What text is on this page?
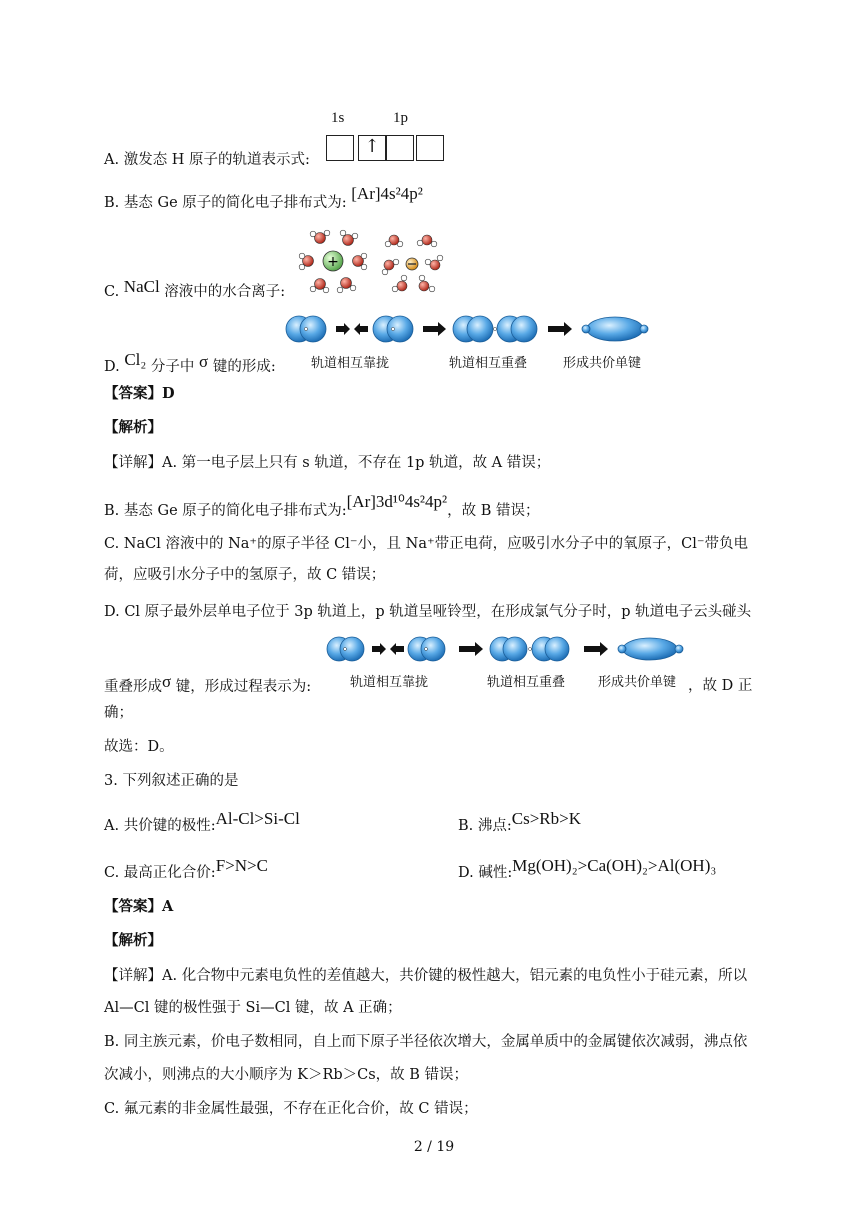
1s	1p
↑
A. 激发态 H 原子的轨道表示式:
B. 基态 Ge 原子的简化电子排布式为: [Ar]4s²4p²
+
C. NaCl 溶液中的水合离子:
轨道相互靠拢	轨道相互重叠	形成共价单键
D. Cl₂ 分子中 σ 键的形成:
【答案】D
【解析】
【详解】A. 第一电子层上只有 s 轨道，不存在 1p 轨道，故 A 错误；
B. 基态 Ge 原子的简化电子排布式为:[Ar]3d¹⁰4s²4p²，故 B 错误；
C. NaCl 溶液中的 Na⁺的原子半径 Cl⁻小，且 Na⁺带正电荷，应吸引水分子中的氧原子，Cl⁻带负电
荷，应吸引水分子中的氢原子，故 C 错误；
D. Cl 原子最外层单电子位于 3p 轨道上，p 轨道呈哑铃型，在形成氯气分子时，p 轨道电子云头碰头
轨道相互靠拢	轨道相互重叠	形成共价单键
重叠形成σ 键，形成过程表示为:	，故 D 正
确；
故选：D。
3. 下列叙述正确的是
A. 共价键的极性:Al-Cl>Si-Cl	B. 沸点:Cs>Rb>K
C. 最高正化合价:F>N>C	D. 碱性:Mg(OH)₂>Ca(OH)₂>Al(OH)₃
【答案】A
【解析】
【详解】A. 化合物中元素电负性的差值越大，共价键的极性越大，铝元素的电负性小于硅元素，所以
Al—Cl 键的极性强于 Si—Cl 键，故 A 正确；
B. 同主族元素，价电子数相同，自上而下原子半径依次增大，金属单质中的金属键依次减弱，沸点依
次减小，则沸点的大小顺序为 K＞Rb＞Cs，故 B 错误；
C. 氟元素的非金属性最强，不存在正化合价，故 C 错误；
2 / 19
